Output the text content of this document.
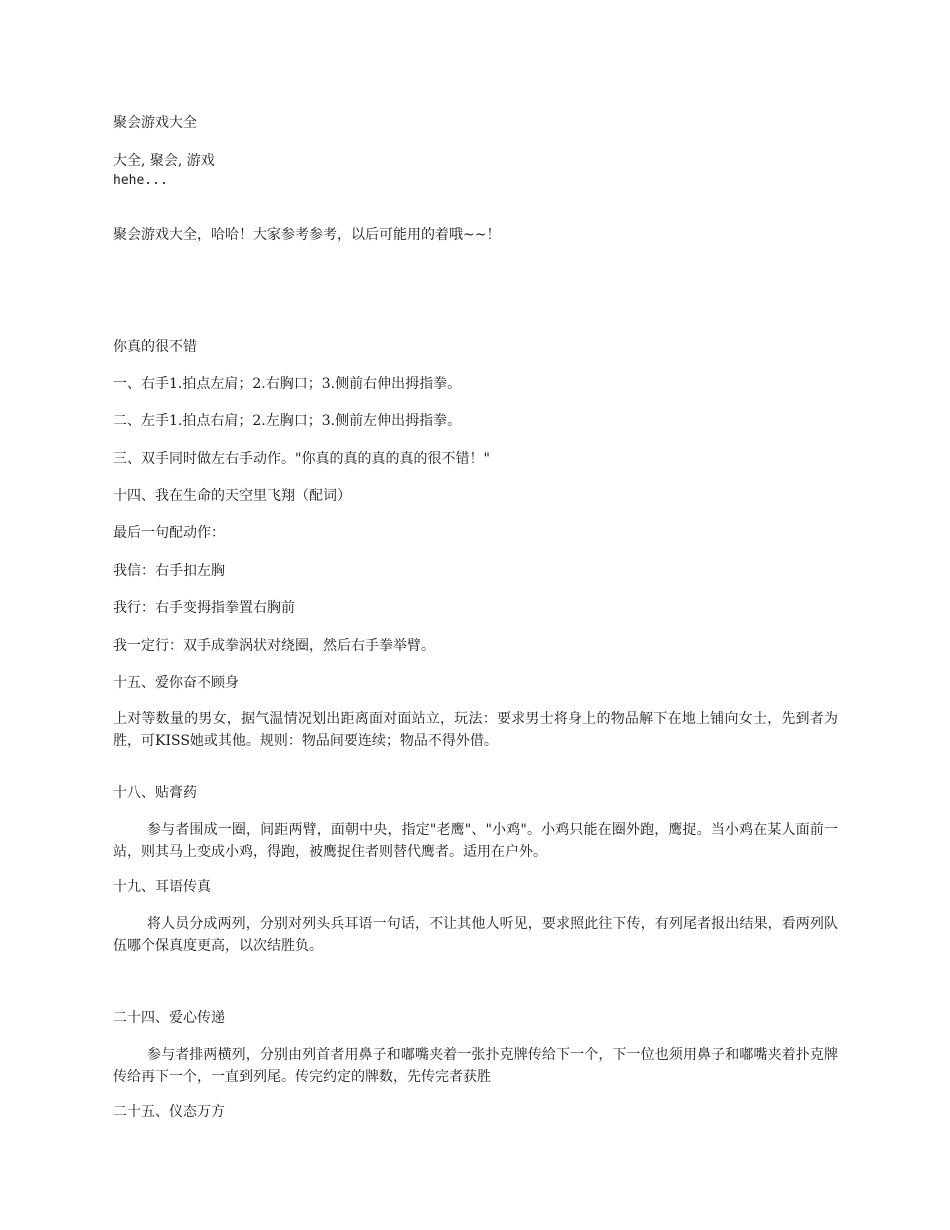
聚会游戏大全

大全, 聚会, 游戏

hehe...

聚会游戏大全，哈哈！大家参考参考，以后可能用的着哦~~！

你真的很不错

一、右手1.拍点左肩；2.右胸口；3.侧前右伸出拇指拳。

二、左手1.拍点右肩；2.左胸口；3.侧前左伸出拇指拳。

三、双手同时做左右手动作。"你真的真的真的真的很不错！"

十四、我在生命的天空里飞翔（配词）

最后一句配动作：

我信：右手扣左胸

我行：右手变拇指拳置右胸前

我一定行：双手成拳涡状对绕圈，然后右手拳举臂。

十五、爱你奋不顾身

上对等数量的男女，据气温情况划出距离面对面站立，玩法：要求男士将身上的物品解下在地上铺向女士，先到者为胜，可KISS她或其他。规则：物品间要连续；物品不得外借。

十八、贴膏药

参与者围成一圈，间距两臂，面朝中央，指定"老鹰"、"小鸡"。小鸡只能在圈外跑，鹰捉。当小鸡在某人面前一站，则其马上变成小鸡，得跑，被鹰捉住者则替代鹰者。适用在户外。

十九、耳语传真

将人员分成两列，分别对列头兵耳语一句话，不让其他人听见，要求照此往下传，有列尾者报出结果，看两列队伍哪个保真度更高，以次结胜负。

二十四、爱心传递

参与者排两横列，分别由列首者用鼻子和嘟嘴夹着一张扑克牌传给下一个，下一位也须用鼻子和嘟嘴夹着扑克牌传给再下一个，一直到列尾。传完约定的牌数，先传完者获胜

二十五、仪态万方
